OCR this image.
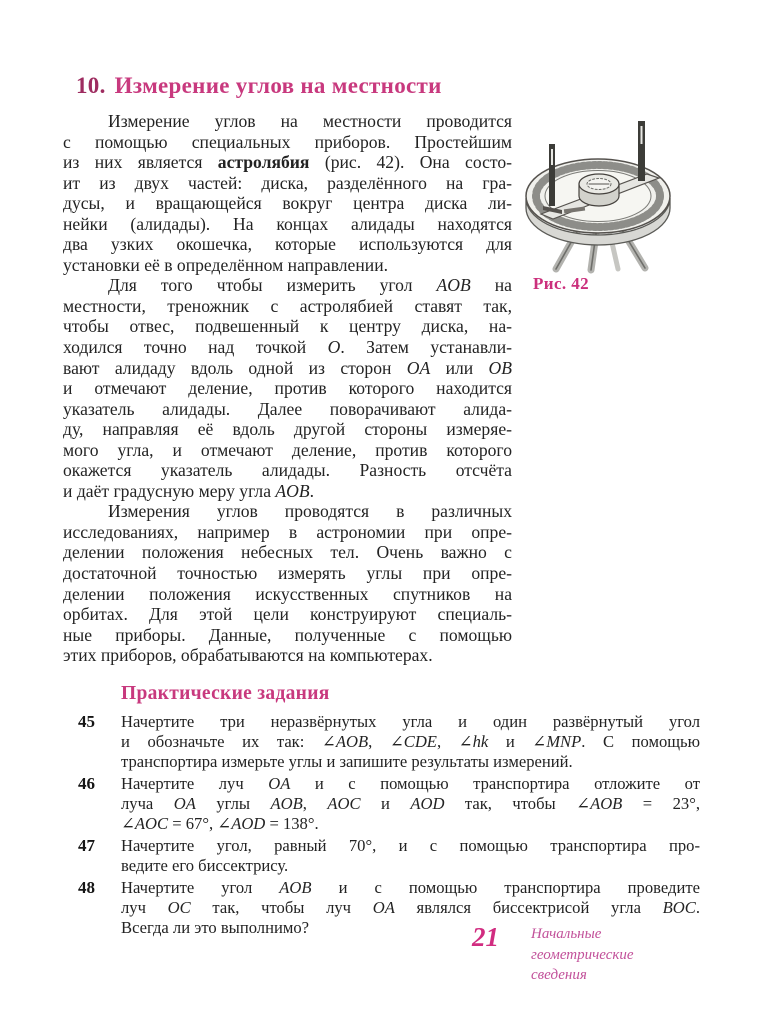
10. Измерение углов на местности
Измерение углов на местности проводится
с помощью специальных приборов. Простейшим
из них является астролябия (рис. 42). Она состо-
ит из двух частей: диска, разделённого на гра-
дусы, и вращающейся вокруг центра диска ли-
нейки (алидады). На концах алидады находятся
два узких окошечка, которые используются для
установки её в определённом направлении.
Для того чтобы измерить угол AOB на
местности, треножник с астролябией ставят так,
чтобы отвес, подвешенный к центру диска, на-
ходился точно над точкой O. Затем устанавли-
вают алидаду вдоль одной из сторон OA или OB
и отмечают деление, против которого находится
указатель алидады. Далее поворачивают алида-
ду, направляя её вдоль другой стороны измеряе-
мого угла, и отмечают деление, против которого
окажется указатель алидады. Разность отсчёта
и даёт градусную меру угла AOB.
Измерения углов проводятся в различных
исследованиях, например в астрономии при опре-
делении положения небесных тел. Очень важно с
достаточной точностью измерять углы при опре-
делении положения искусственных спутников на
орбитах. Для этой цели конструируют специаль-
ные приборы. Данные, полученные с помощью
этих приборов, обрабатываются на компьютерах.
Рис. 42
Практические задания
45 Начертите три неразвёрнутых угла и один развёрнутый угол
и обозначьте их так: ∠AOB, ∠CDE, ∠hk и ∠MNP. С помощью
транспортира измерьте углы и запишите результаты измерений.
46 Начертите луч OA и с помощью транспортира отложите от
луча OA углы AOB, AOC и AOD так, чтобы ∠AOB = 23°,
∠AOC = 67°, ∠AOD = 138°.
47 Начертите угол, равный 70°, и с помощью транспортира про-
ведите его биссектрису.
48 Начертите угол AOB и с помощью транспортира проведите
луч OC так, чтобы луч OA являлся биссектрисой угла BOC.
Всегда ли это выполнимо?	21 Начальные
геометрические
сведения
